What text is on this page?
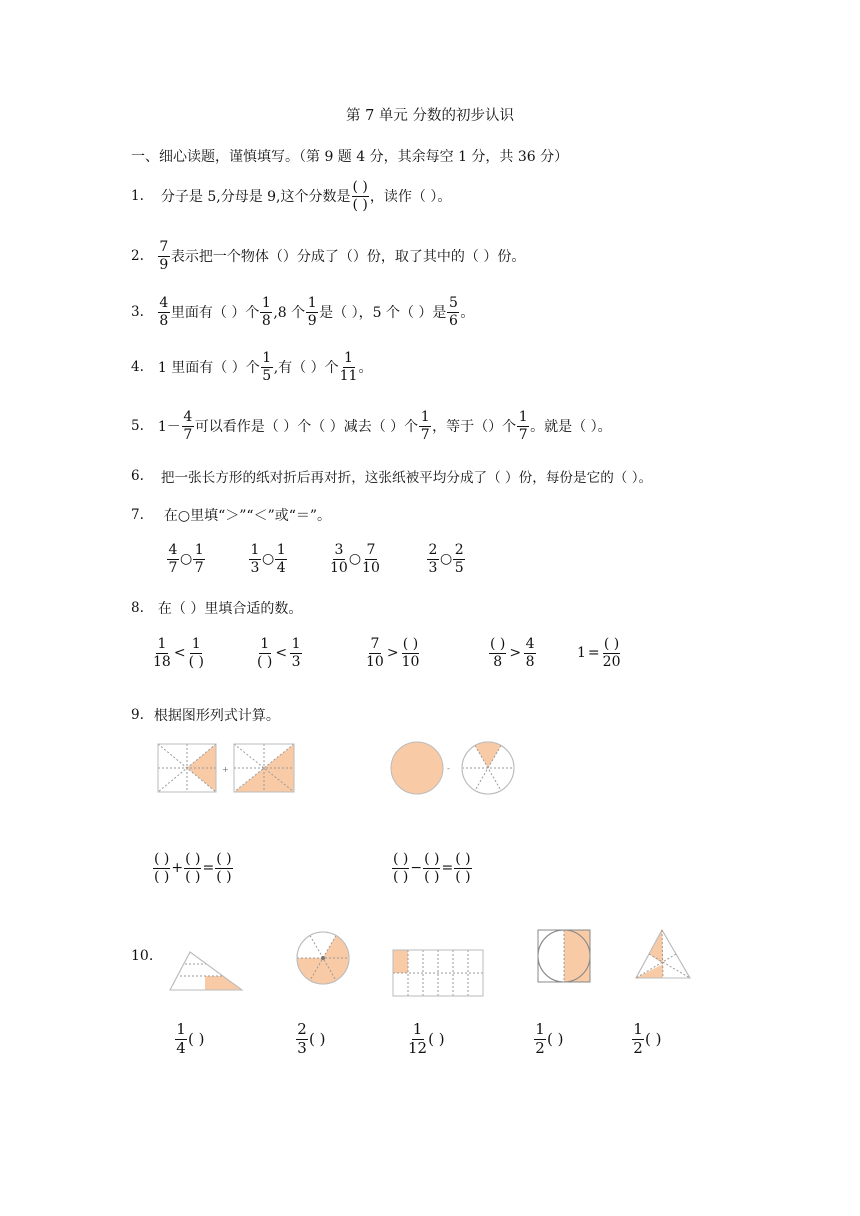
第 7 单元 分数的初步认识
一、细心读题，谨慎填写。（第 9 题 4 分，其余每空 1 分，共 36 分）
1. 分子是 5,分母是 9,这个分数是
( )
( ) ，读作（ ）。
2.
7
9 表示把一个物体（）分成了（）份，取了其中的（ ）份。
3.
4
8 里面有（ ）个
1
8 ,8 个
1
9 是（ ），5 个（ ）是
5
6 。
4. 1 里面有（ ）个
1
5 ,有（ ）个
1
11 。
5. 1－
4
7 可以看作是（ ）个（ ）减去（ ）个
1
7 ，等于（）个
1
7 。就是（ ）。
6. 把一张长方形的纸对折后再对折，这张纸被平均分成了（ ）份，每份是它的（ ）。
7. 在○里填“＞”“＜”或“＝”。
4
7
○
1
7
1
3
○
1
4
3
10
○
7
10
2
3
○
2
5
8. 在（ ）里填合适的数。
1
18
<
1
( )
1
( )
<
1
3
7
10
>
( )
10
( )
8
>
4
8
1 =
( )
20
9. 根据图形列式计算。
+	-
( )
( )
+
( )
( )
=
( )
( )
( )
( )
−
( )
( )
=
( )
( )
10.
1
4 ( )
2
3 ( )
1
12 ( )
1
2 ( )
1
2 ( )
